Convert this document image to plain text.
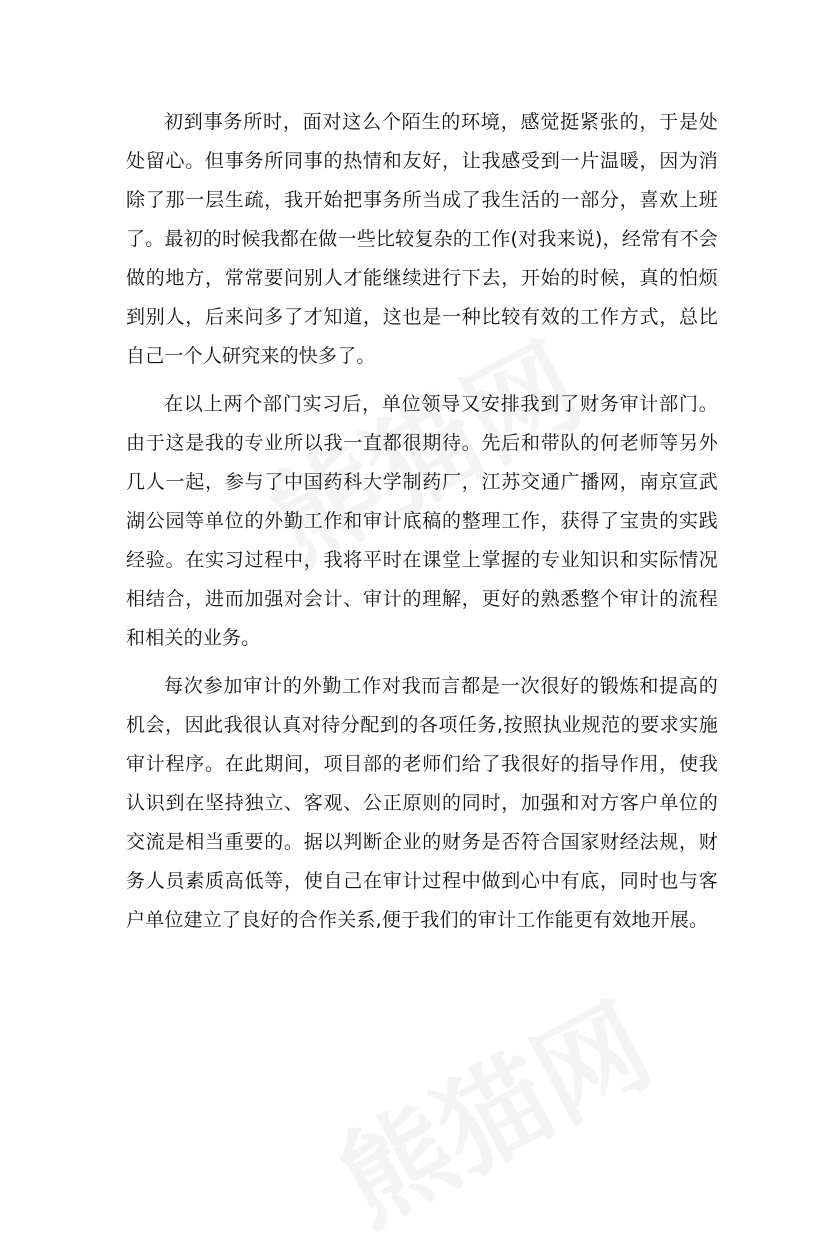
初到事务所时，面对这么个陌生的环境，感觉挺紧张的，于是处处留心。但事务所同事的热情和友好，让我感受到一片温暖，因为消除了那一层生疏，我开始把事务所当成了我生活的一部分，喜欢上班了。最初的时候我都在做一些比较复杂的工作(对我来说)，经常有不会做的地方，常常要问别人才能继续进行下去，开始的时候，真的怕烦到别人，后来问多了才知道，这也是一种比较有效的工作方式，总比自己一个人研究来的快多了。

在以上两个部门实习后，单位领导又安排我到了财务审计部门。由于这是我的专业所以我一直都很期待。先后和带队的何老师等另外几人一起，参与了中国药科大学制药厂，江苏交通广播网，南京宣武湖公园等单位的外勤工作和审计底稿的整理工作，获得了宝贵的实践经验。在实习过程中，我将平时在课堂上掌握的专业知识和实际情况相结合，进而加强对会计、审计的理解，更好的熟悉整个审计的流程和相关的业务。

每次参加审计的外勤工作对我而言都是一次很好的锻炼和提高的机会，因此我很认真对待分配到的各项任务,按照执业规范的要求实施审计程序。在此期间，项目部的老师们给了我很好的指导作用，使我认识到在坚持独立、客观、公正原则的同时，加强和对方客户单位的交流是相当重要的。据以判断企业的财务是否符合国家财经法规，财务人员素质高低等，使自己在审计过程中做到心中有底，同时也与客户单位建立了良好的合作关系,便于我们的审计工作能更有效地开展。
